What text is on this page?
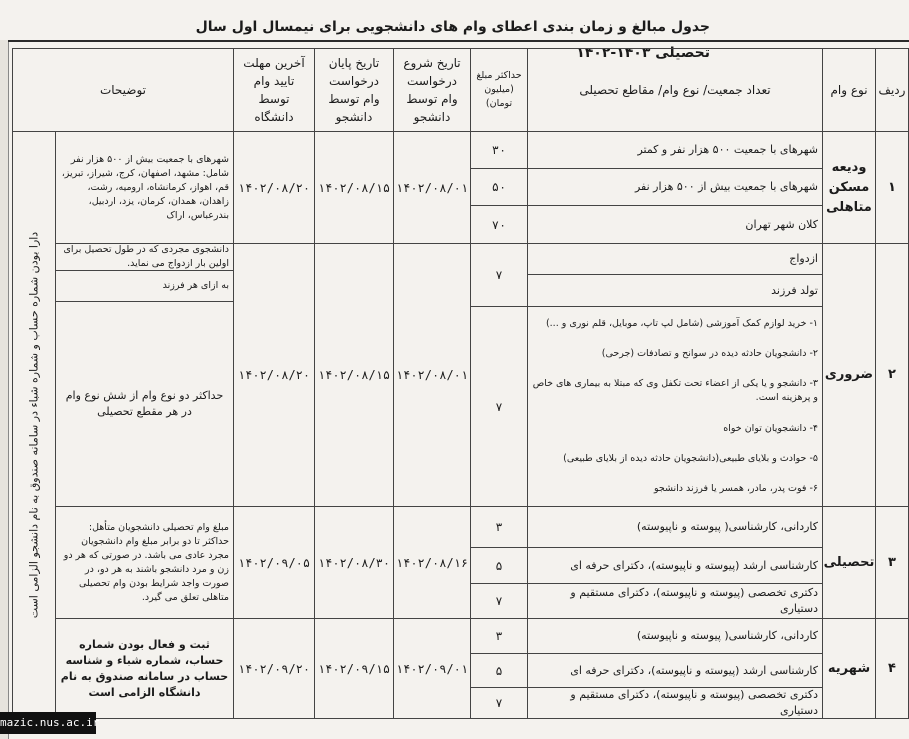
جدول مبالغ و زمان بندی اعطای وام های دانشجویی برای نیمسال اول سال تحصیلی ۱۴۰۳-۱۴۰۲
ردیف
نوع وام
تعداد جمعیت/ نوع وام/ مقاطع تحصیلی
حداکثر مبلغ (میلیون تومان)
تاریخ شروع درخواست وام توسط دانشجو
تاریخ پایان درخواست وام توسط دانشجو
آخرین مهلت تایید وام توسط دانشگاه
توضیحات
دارا بودن شماره حساب و شماره شباء در سامانه صندوق به نام دانشجو الزامی است
۱
ودیعه مسکن متاهلی
شهرهای با جمعیت ۵۰۰ هزار نفر و کمتر
شهرهای با جمعیت بیش از ۵۰۰ هزار نفر
کلان شهر تهران
۳۰
۵۰
۷۰
۱۴۰۲/۰۸/۰۱
۱۴۰۲/۰۸/۱۵
۱۴۰۲/۰۸/۲۰
شهرهای با جمعیت بیش از ۵۰۰ هزار نفر شامل: مشهد، اصفهان، کرج، شیراز، تبریز، قم، اهواز، کرمانشاه، ارومیه، رشت، زاهدان، همدان، کرمان، یزد، اردبیل، بندرعباس، اراک
۲
ضروری
ازدواج
تولد فرزند
۷
۱- خرید لوازم کمک آموزشی (شامل لپ تاپ، موبایل، قلم نوری و ...)
۲- دانشجویان حادثه دیده در سوانح و تصادفات (جرحی)
۳- دانشجو و یا یکی از اعضاء تحت تکفل وی که مبتلا به بیماری های خاص و پرهزینه است.
۴- دانشجویان توان خواه
۵- حوادث و بلایای طبیعی(دانشجویان حادثه دیده از بلایای طبیعی)
۶- فوت پدر، مادر، همسر یا فرزند دانشجو
۷
۱۴۰۲/۰۸/۰۱
۱۴۰۲/۰۸/۱۵
۱۴۰۲/۰۸/۲۰
دانشجوی مجردی که در طول تحصیل برای اولین بار ازدواج می نماید.
به ازای هر فرزند
حداکثر دو نوع وام از شش نوع وام در هر مقطع تحصیلی
۳
تحصیلی
کاردانی، کارشناسی( پیوسته و ناپیوسته)
کارشناسی ارشد (پیوسته و ناپیوسته)، دکترای حرفه ای
دکتری تخصصی (پیوسته و ناپیوسته)، دکترای مستقیم و دستیاری
۳
۵
۷
۱۴۰۲/۰۸/۱۶
۱۴۰۲/۰۸/۳۰
۱۴۰۲/۰۹/۰۵
مبلغ وام تحصیلی دانشجویان متأهل: حداکثر تا دو برابر مبلغ وام دانشجویان مجرد عادی می باشد. در صورتی که هر دو زن و مرد دانشجو باشند به هر دو، در صورت واجد شرایط بودن وام تحصیلی متاهلی تعلق می گیرد.
۴
شهریه
کاردانی، کارشناسی( پیوسته و ناپیوسته)
کارشناسی ارشد (پیوسته و ناپیوسته)، دکترای حرفه ای
دکتری تخصصی (پیوسته و ناپیوسته)، دکترای مستقیم و دستیاری
۳
۵
۷
۱۴۰۲/۰۹/۰۱
۱۴۰۲/۰۹/۱۵
۱۴۰۲/۰۹/۲۰
ثبت و فعال بودن شماره حساب، شماره شباء و شناسه حساب در سامانه صندوق به نام دانشگاه الزامی است
mazic.nus.ac.ir
